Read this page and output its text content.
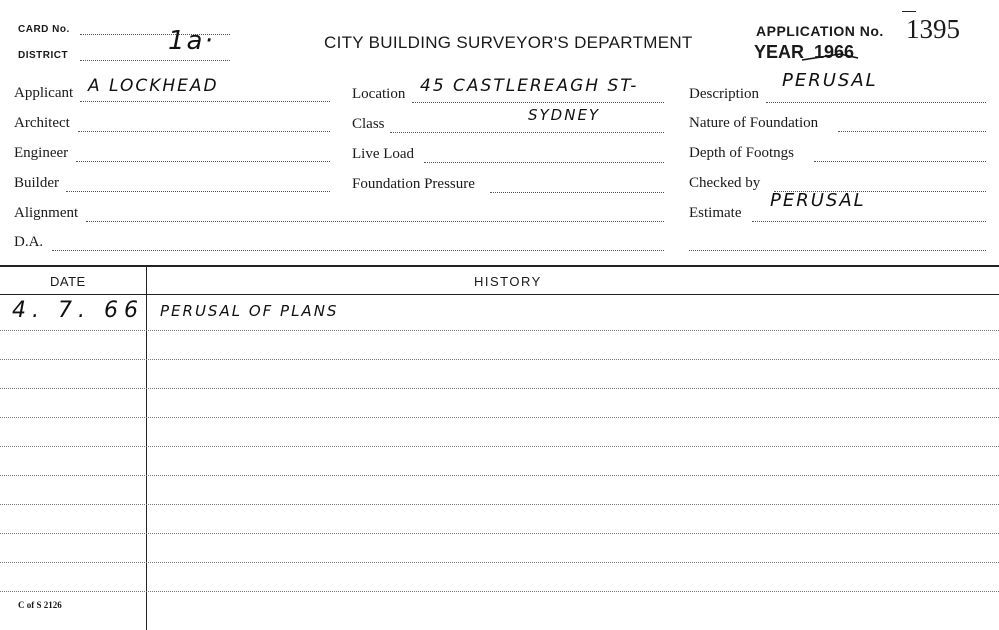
CARD No.
DISTRICT	1a·	CITY BUILDING SURVEYOR'S DEPARTMENT
APPLICATION No. 1395
YEAR 1966
Applicant A LOCKHEAD
Architect
Engineer
Builder
Alignment
D.A.
Location 45 CASTLEREAGH ST-
Class	SYDNEY
Live Load
Foundation Pressure
Description
PERUSAL
Nature of Foundation
Depth of Footngs
Checked by
Estimate
PERUSAL
DATE	HISTORY
4. 7. 66 PERUSAL OF PLANS
C of S 2126
